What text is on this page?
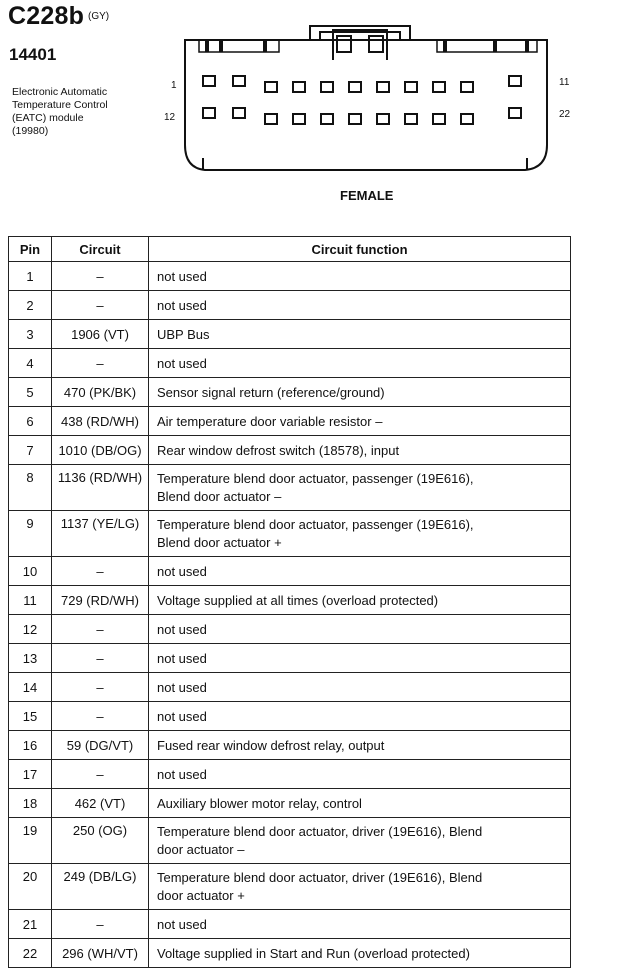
C228b (GY)
14401
Electronic Automatic
Temperature Control
(EATC) module
(19980)
1
12
11
22
FEMALE
Pin	Circuit	Circuit function
1	–	not used

2	–	not used

3	1906 (VT)	UBP Bus

4	–	not used

5	470 (PK/BK)	Sensor signal return (reference/ground)

6	438 (RD/WH)	Air temperature door variable resistor –

7	1010 (DB/OG)	Rear window defrost switch (18578), input

8	1136 (RD/WH)	Temperature blend door actuator, passenger (19E616),
Blend door actuator –

9	1137 (YE/LG)	Temperature blend door actuator, passenger (19E616),
Blend door actuator +

10	–	not used

11	729 (RD/WH)	Voltage supplied at all times (overload protected)

12	–	not used

13	–	not used

14	–	not used

15	–	not used

16	59 (DG/VT)	Fused rear window defrost relay, output

17	–	not used

18	462 (VT)	Auxiliary blower motor relay, control

19	250 (OG)	Temperature blend door actuator, driver (19E616), Blend
door actuator –

20	249 (DB/LG)	Temperature blend door actuator, driver (19E616), Blend
door actuator +

21	–	not used

22	296 (WH/VT)	Voltage supplied in Start and Run (overload protected)
